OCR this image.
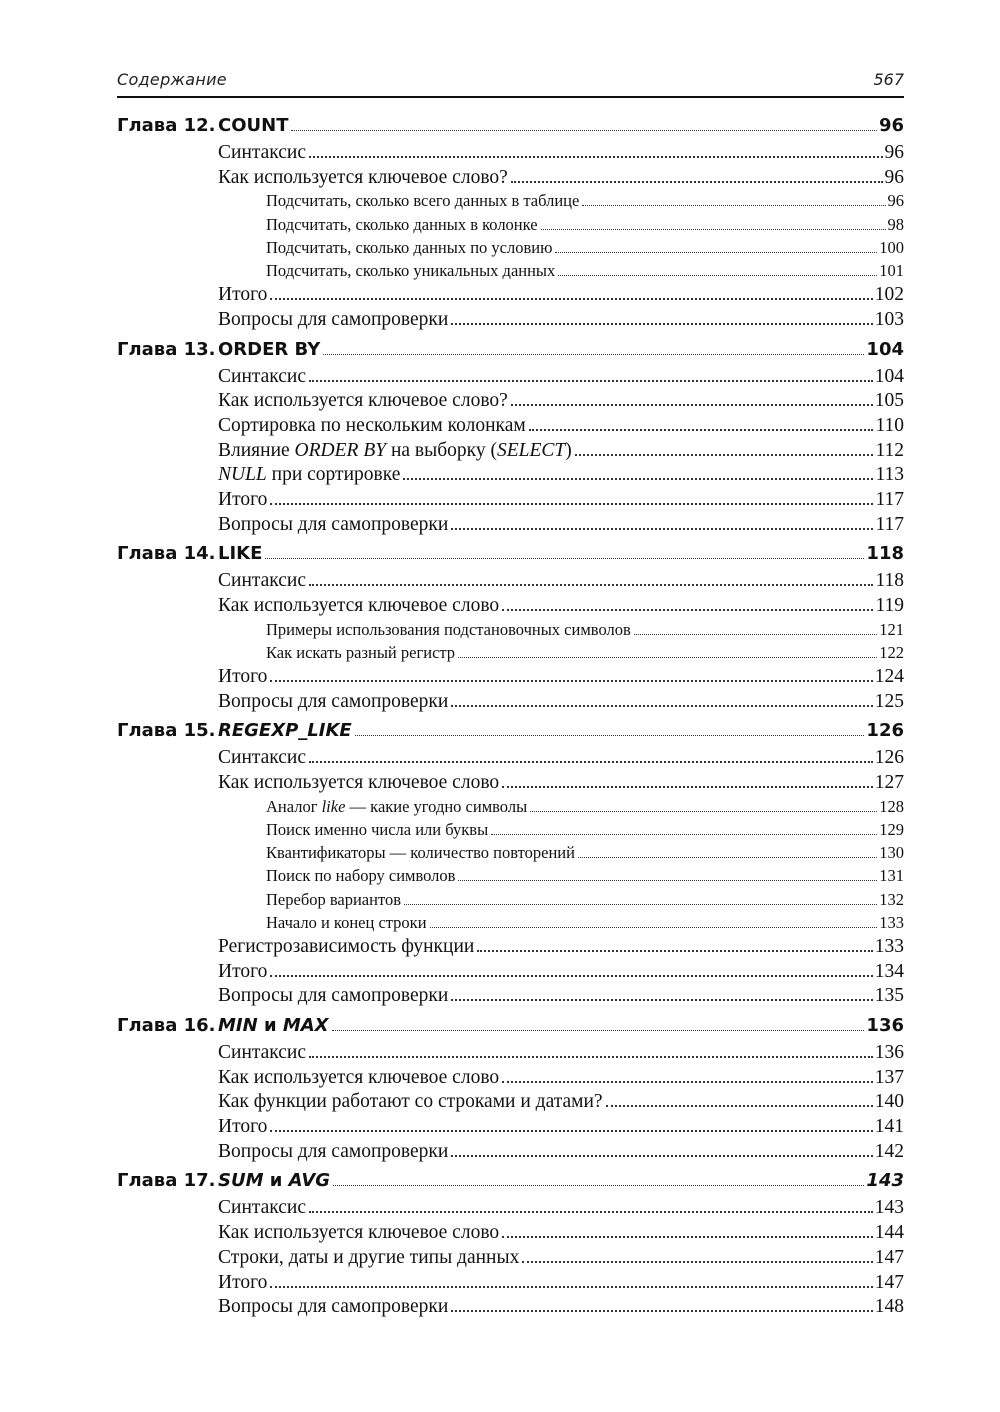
Содержание	567
Глава 12. COUNT	96
Синтаксис	96
Как используется ключевое слово?	96
Подсчитать, сколько всего данных в таблице	96
Подсчитать, сколько данных в колонке	98
Подсчитать, сколько данных по условию	100
Подсчитать, сколько уникальных данных	101
Итого	102
Вопросы для самопроверки	103
Глава 13. ORDER BY	104
Синтаксис	104
Как используется ключевое слово?	105
Сортировка по нескольким колонкам	110
Влияние ORDER BY на выборку (SELECT)	112
NULL при сортировке	113
Итого	117
Вопросы для самопроверки	117
Глава 14. LIKE	118
Синтаксис	118
Как используется ключевое слово	119
Примеры использования подстановочных символов	121
Как искать разный регистр	122
Итого	124
Вопросы для самопроверки	125
Глава 15. REGEXP_LIKE	126
Синтаксис	126
Как используется ключевое слово	127
Аналог like — какие угодно символы	128
Поиск именно числа или буквы	129
Квантификаторы — количество повторений	130
Поиск по набору символов	131
Перебор вариантов	132
Начало и конец строки	133
Регистрозависимость функции	133
Итого	134
Вопросы для самопроверки	135
Глава 16. MIN и MAX	136
Синтаксис	136
Как используется ключевое слово	137
Как функции работают со строками и датами?	140
Итого	141
Вопросы для самопроверки	142
Глава 17. SUM и AVG	143
Синтаксис	143
Как используется ключевое слово	144
Строки, даты и другие типы данных	147
Итого	147
Вопросы для самопроверки	148
